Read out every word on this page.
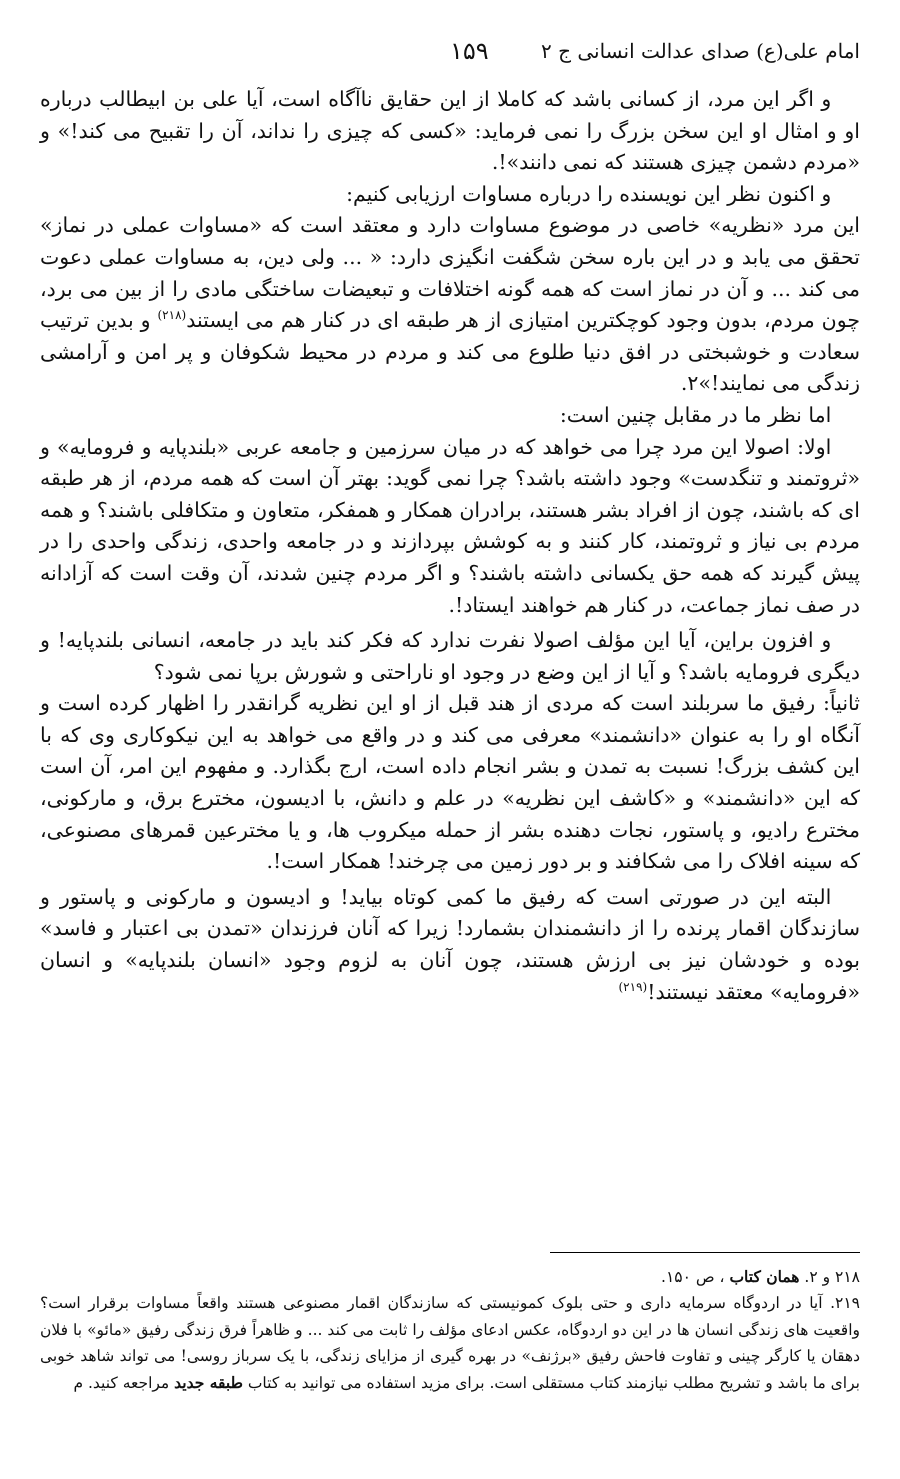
امام علی(ع) صدای عدالت انسانی ج ۲
۱۵۹

و اگر این مرد، از کسانی باشد که کاملا از این حقایق ناآگاه است، آیا علی بن ابیطالب درباره او و امثال او این سخن بزرگ را نمی فرماید: «کسی که چیزی را نداند، آن را تقبیح می کند!» و «مردم دشمن چیزی هستند که نمی دانند»!.

و اکنون نظر این نویسنده را درباره مساوات ارزیابی کنیم:

این مرد «نظریه» خاصی در موضوع مساوات دارد و معتقد است که «مساوات عملی در نماز» تحقق می یابد و در این باره سخن شگفت انگیزی دارد: « ... ولی دین، به مساوات عملی دعوت می کند ... و آن در نماز است که همه گونه اختلافات و تبعیضات ساختگی مادی را از بین می برد، چون مردم، بدون وجود کوچکترین امتیازی از هر طبقه ای در کنار هم می ایستند$^{(۲۱۸)}$ و بدین ترتیب سعادت و خوشبختی در افق دنیا طلوع می کند و مردم در محیط شکوفان و پر امن و آرامشی زندگی می نمایند!»۲.

اما نظر ما در مقابل چنین است:

اولا: اصولا این مرد چرا می خواهد که در میان سرزمین و جامعه عربی «بلندپایه و فرومایه» و «ثروتمند و تنگدست» وجود داشته باشد؟ چرا نمی گوید: بهتر آن است که همه مردم، از هر طبقه ای که باشند، چون از افراد بشر هستند، برادران همکار و همفکر، متعاون و متکافلی باشند؟ و همه مردم بی نیاز و ثروتمند، کار کنند و به کوشش بپردازند و در جامعه واحدی، زندگی واحدی را در پیش گیرند که همه حق یکسانی داشته باشند؟ و اگر مردم چنین شدند، آن وقت است که آزادانه در صف نماز جماعت، در کنار هم خواهند ایستاد!.

و افزون براین، آیا این مؤلف اصولا نفرت ندارد که فکر کند باید در جامعه، انسانی بلندپایه! و دیگری فرومایه باشد؟ و آیا از این وضع در وجود او ناراحتی و شورش برپا نمی شود؟

ثانیاً: رفیق ما سربلند است که مردی از هند قبل از او این نظریه گرانقدر را اظهار کرده است و آنگاه او را به عنوان «دانشمند» معرفی می کند و در واقع می خواهد به این نیکوکاری وی که با این کشف بزرگ! نسبت به تمدن و بشر انجام داده است، ارج بگذارد. و مفهوم این امر، آن است که این «دانشمند» و «کاشف این نظریه» در علم و دانش، با ادیسون، مخترع برق، و مارکونی، مخترع رادیو، و پاستور، نجات دهنده بشر از حمله میکروب ها، و یا مخترعین قمرهای مصنوعی، که سینه افلاک را می شکافند و بر دور زمین می چرخند! همکار است!.

البته این در صورتی است که رفیق ما کمی کوتاه بیاید! و ادیسون و مارکونی و پاستور و سازندگان اقمار پرنده را از دانشمندان بشمارد! زیرا که آنان فرزندان «تمدن بی اعتبار و فاسد» بوده و خودشان نیز بی ارزش هستند، چون آنان به لزوم وجود «انسان بلندپایه» و انسان «فرومایه» معتقد نیستند!$^{(۲۱۹)}$

۲۱۸ و ۲. همان کتاب ، ص ۱۵۰.

۲۱۹. آیا در اردوگاه سرمایه داری و حتی بلوک کمونیستی که سازندگان اقمار مصنوعی هستند واقعاً مساوات برقرار است؟ واقعیت های زندگی انسان ها در این دو اردوگاه، عکس ادعای مؤلف را ثابت می کند ... و ظاهراً فرق زندگی رفیق «مائو» با فلان دهقان یا کارگر چینی و تفاوت فاحش رفیق «برژنف» در بهره گیری از مزایای زندگی، با یک سرباز روسی! می تواند شاهد خوبی برای ما باشد و تشریح مطلب نیازمند کتاب مستقلی است. برای مزید استفاده می توانید به کتاب طبقه جدید مراجعه کنید. م
